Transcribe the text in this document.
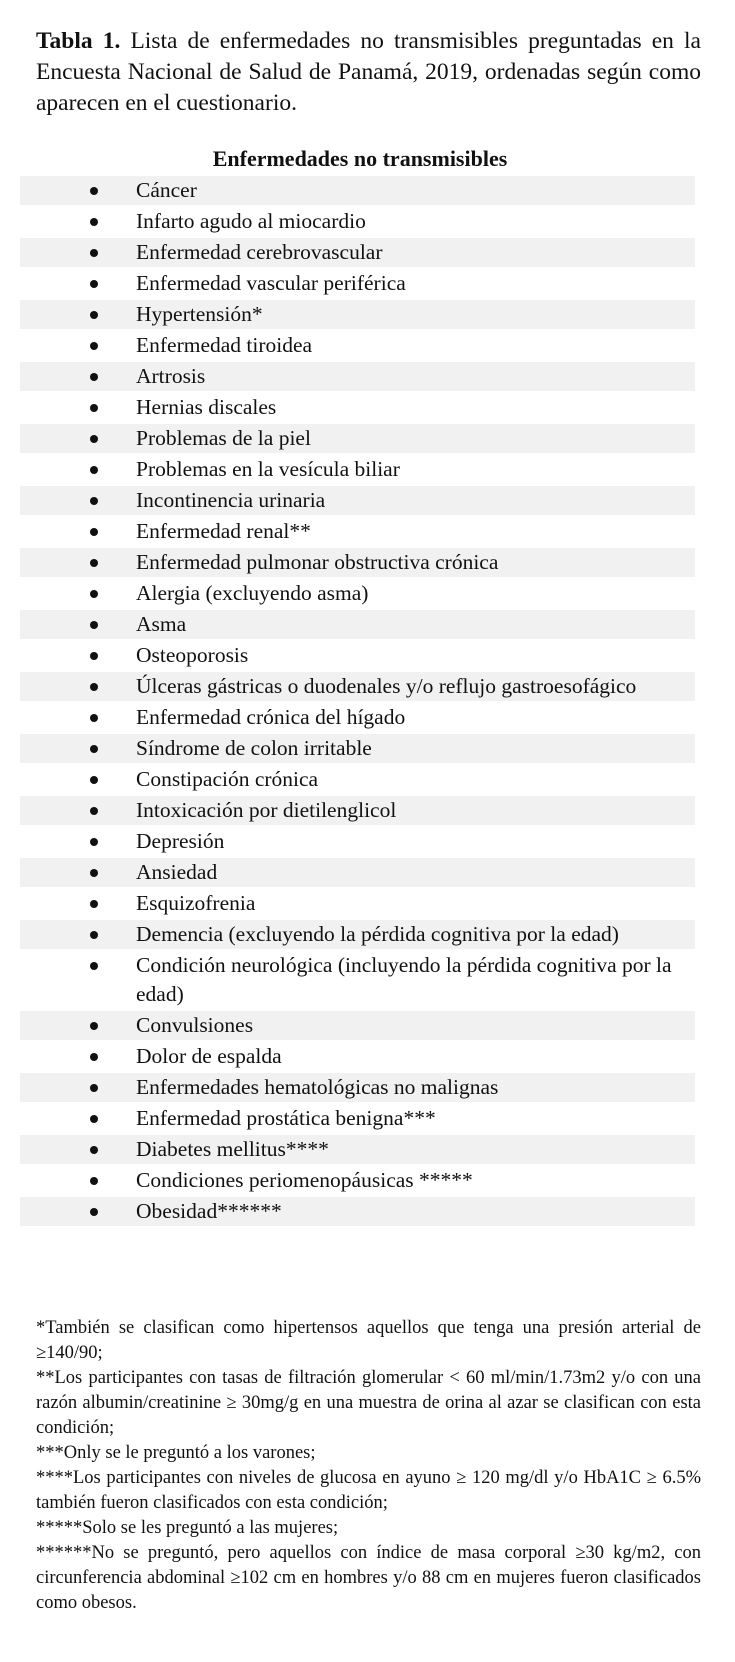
Tabla 1. Lista de enfermedades no transmisibles preguntadas en la Encuesta Nacional de Salud de Panamá, 2019, ordenadas según como aparecen en el cuestionario.
Enfermedades no transmisibles
Cáncer
Infarto agudo al miocardio
Enfermedad cerebrovascular
Enfermedad vascular periférica
Hypertensión*
Enfermedad tiroidea
Artrosis
Hernias discales
Problemas de la piel
Problemas en la vesícula biliar
Incontinencia urinaria
Enfermedad renal**
Enfermedad pulmonar obstructiva crónica
Alergia (excluyendo asma)
Asma
Osteoporosis
Úlceras gástricas o duodenales y/o reflujo gastroesofágico
Enfermedad crónica del hígado
Síndrome de colon irritable
Constipación crónica
Intoxicación por dietilenglicol
Depresión
Ansiedad
Esquizofrenia
Demencia (excluyendo la pérdida cognitiva por la edad)
Condición neurológica (incluyendo la pérdida cognitiva por la edad)
Convulsiones
Dolor de espalda
Enfermedades hematológicas no malignas
Enfermedad prostática benigna***
Diabetes mellitus****
Condiciones periomenopáusicas *****
Obesidad******
*También se clasifican como hipertensos aquellos que tenga una presión arterial de ≥140/90;
**Los participantes con tasas de filtración glomerular < 60 ml/min/1.73m2 y/o con una razón albumin/creatinine ≥ 30mg/g en una muestra de orina al azar se clasifican con esta condición;
***Only se le preguntó a los varones;
****Los participantes con niveles de glucosa en ayuno ≥ 120 mg/dl y/o HbA1C ≥ 6.5% también fueron clasificados con esta condición;
*****Solo se les preguntó a las mujeres;
******No se preguntó, pero aquellos con índice de masa corporal ≥30 kg/m2, con circunferencia abdominal ≥102 cm en hombres y/o 88 cm en mujeres fueron clasificados como obesos.
